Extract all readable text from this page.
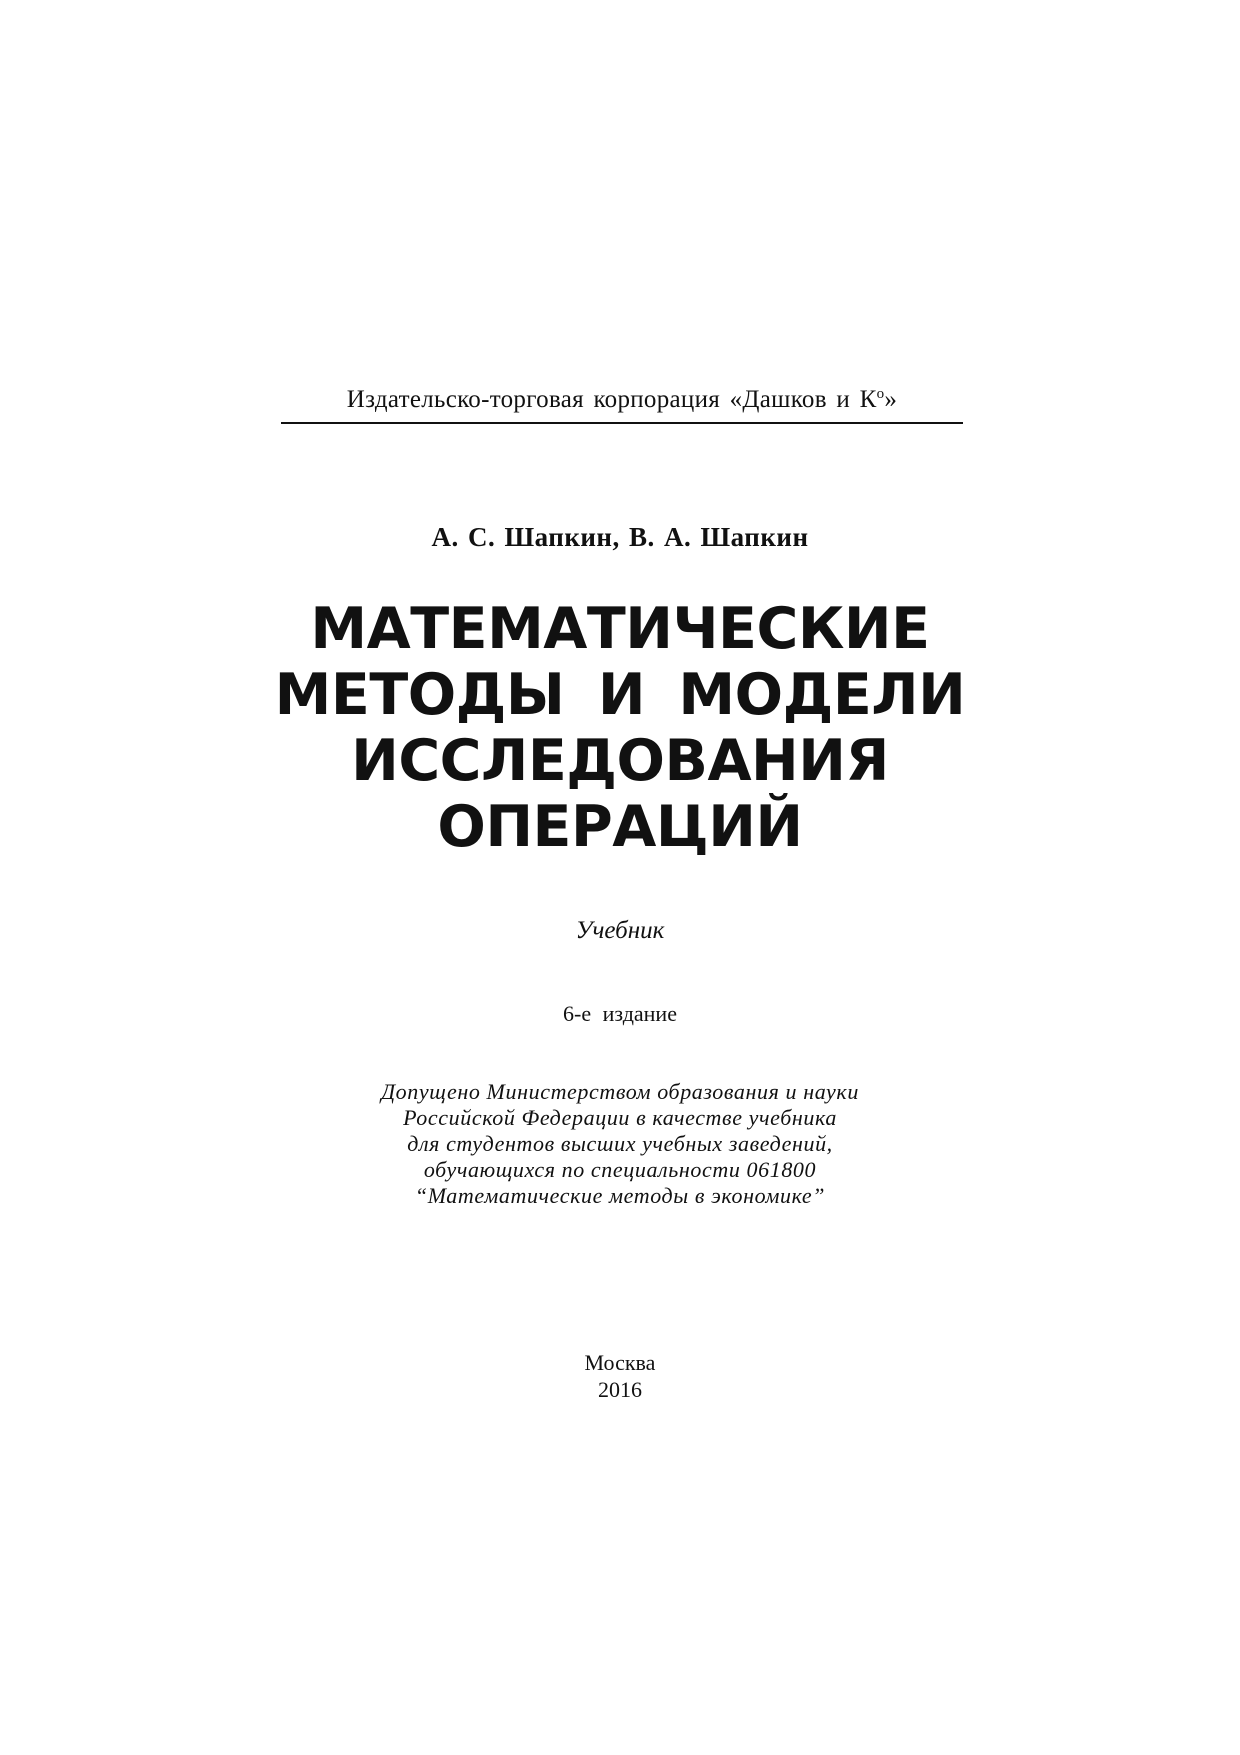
Издательско-торговая корпорация «Дашков и $К^о$»
А. С. Шапкин, В. А. Шапкин
МАТЕМАТИЧЕСКИЕ
МЕТОДЫ И МОДЕЛИ
ИССЛЕДОВАНИЯ
ОПЕРАЦИЙ
Учебник
6-е издание
Допущено Министерством образования и науки
Российской Федерации в качестве учебника
для студентов высших учебных заведений,
обучающихся по специальности 061800
“Математические методы в экономике”
Москва
2016
